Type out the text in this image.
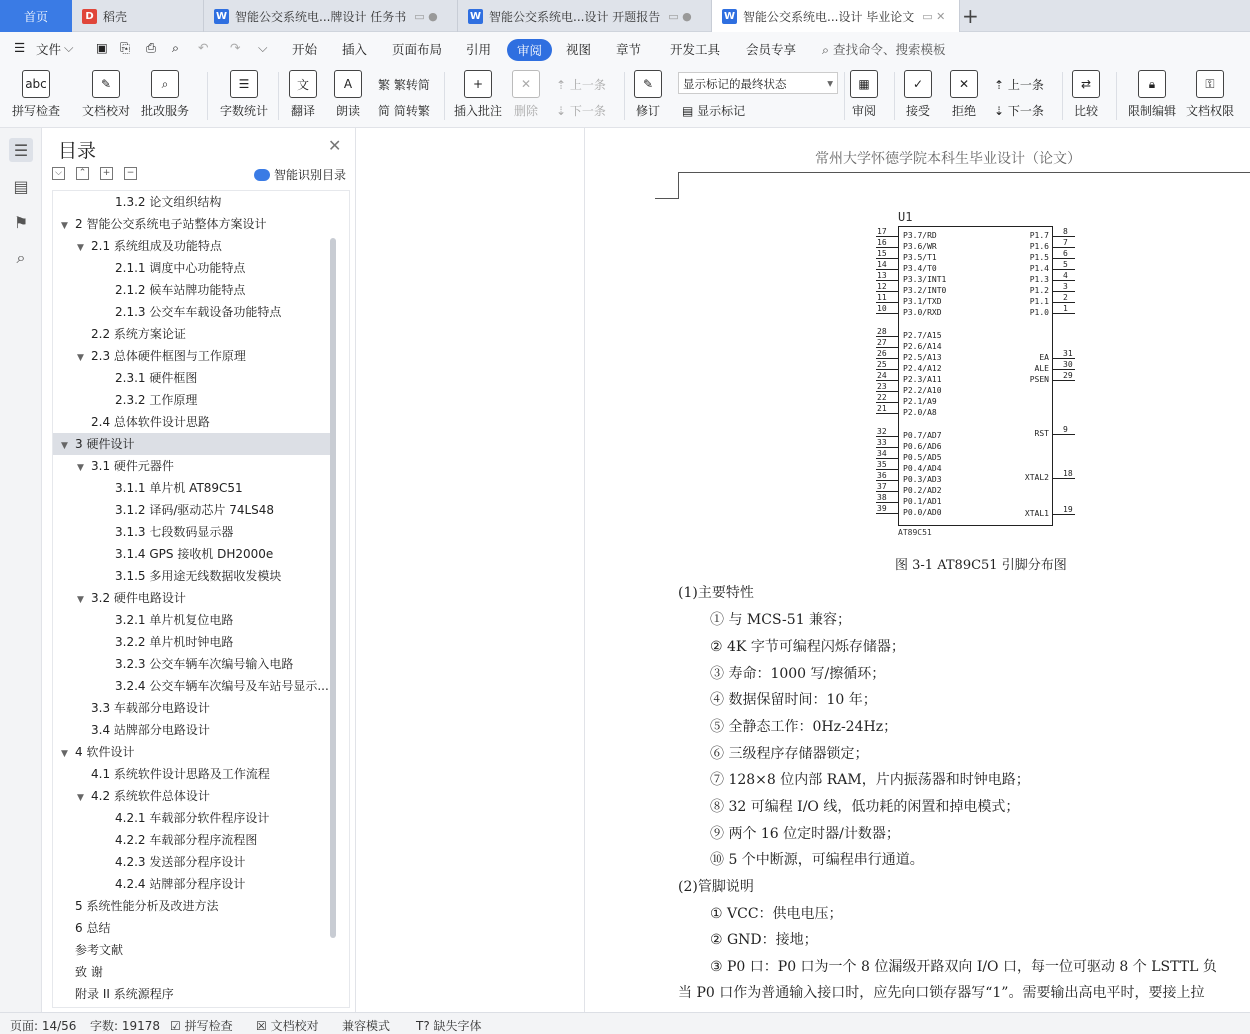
首页	D 稻壳	W 智能公交系统电...牌设计 任务书 ▭ ●	W 智能公交系统电...设计 开题报告 ▭ ●	W 智能公交系统电...设计 毕业论文 ▭ ✕ +
☰ 文件 ⌵ ▣ ⎘ ⎙ ⌕ ↶ ↷ ⌵ 开始 插入 页面布局 引用	审阅	视图 章节 开发工具 会员专享 ⌕ 查找命令、搜索模板
abc
拼写检查
✎
文档校对
⌕
批改服务
☰
字数统计
文
翻译
A
朗读
繁 繁转简
简 简转繁
+
插入批注
✕
删除
⇡ 上一条
⇣ 下一条
✎
修订
显示标记的最终状态	▾
▤ 显示标记
▦
审阅
✓
接受
✕
拒绝
⇡ 上一条
⇣ 下一条
⇄
比较
🔒︎
限制编辑
⚿
文档权限
☰
▤
⚑
⌕
目录	✕
⌵	⌃	+	−	智能识别目录
1.3.2 论文组织结构
▼ 2 智能公交系统电子站整体方案设计
▼ 2.1 系统组成及功能特点
2.1.1 调度中心功能特点
2.1.2 候车站牌功能特点
2.1.3 公交车车载设备功能特点
2.2 系统方案论证
▼ 2.3 总体硬件框图与工作原理
2.3.1 硬件框图
2.3.2 工作原理
2.4 总体软件设计思路
▼ 3 硬件设计
▼ 3.1 硬件元器件
3.1.1 单片机 AT89C51
3.1.2 译码/驱动芯片 74LS48
3.1.3 七段数码显示器
3.1.4 GPS 接收机 DH2000e
3.1.5 多用途无线数据收发模块
▼ 3.2 硬件电路设计
3.2.1 单片机复位电路
3.2.2 单片机时钟电路
3.2.3 公交车辆车次编号输入电路
3.2.4 公交车辆车次编号及车站号显示...
3.3 车载部分电路设计
3.4 站牌部分电路设计
▼ 4 软件设计
4.1 系统软件设计思路及工作流程
▼ 4.2 系统软件总体设计
4.2.1 车载部分软件程序设计
4.2.2 车载部分程序流程图
4.2.3 发送部分程序设计
4.2.4 站牌部分程序设计
5 系统性能分析及改进方法
6 总结
参考文献
致 谢
附录 II 系统源程序
常州大学怀德学院本科生毕业设计（论文）
U1
AT89C51
17 P3.7/RD
16 P3.6/WR
15 P3.5/T1
14 P3.4/T0
13 P3.3/INT1
12 P3.2/INT0
11 P3.1/TXD
10 P3.0/RXD
28 P2.7/A15
27 P2.6/A14
26 P2.5/A13
25 P2.4/A12
24 P2.3/A11
23 P2.2/A10
22 P2.1/A9
21 P2.0/A8
32 P0.7/AD7
33 P0.6/AD6
34 P0.5/AD5
35 P0.4/AD4
36 P0.3/AD3
37 P0.2/AD2
38 P0.1/AD1
39 P0.0/AD0
8
P1.7
7
P1.6
6
P1.5
5
P1.4
4
P1.3
3
P1.2
2
P1.1
1
P1.0
31
EA
30
ALE
29
PSEN
9
RST
18
XTAL2
19
XTAL1
图 3-1 AT89C51 引脚分布图
(1)主要特性
① 与 MCS-51 兼容；
② 4K 字节可编程闪烁存储器；
③ 寿命：1000 写/擦循环；
④ 数据保留时间：10 年；
⑤ 全静态工作：0Hz-24Hz；
⑥ 三级程序存储器锁定；
⑦ 128×8 位内部 RAM，片内振荡器和时钟电路；
⑧ 32 可编程 I/O 线，低功耗的闲置和掉电模式；
⑨ 两个 16 位定时器/计数器；
⑩ 5 个中断源，可编程串行通道。
(2)管脚说明
① VCC：供电电压；
② GND：接地；
③ P0 口：P0 口为一个 8 位漏级开路双向 I/O 口，每一位可驱动 8 个 LSTTL 负
当 P0 口作为普通输入接口时，应先向口锁存器写“1”。需要输出高电平时，要接上拉
页面: 14/56 字数: 19178 ☑ 拼写检查 ☒ 文档校对 兼容模式 T? 缺失字体
